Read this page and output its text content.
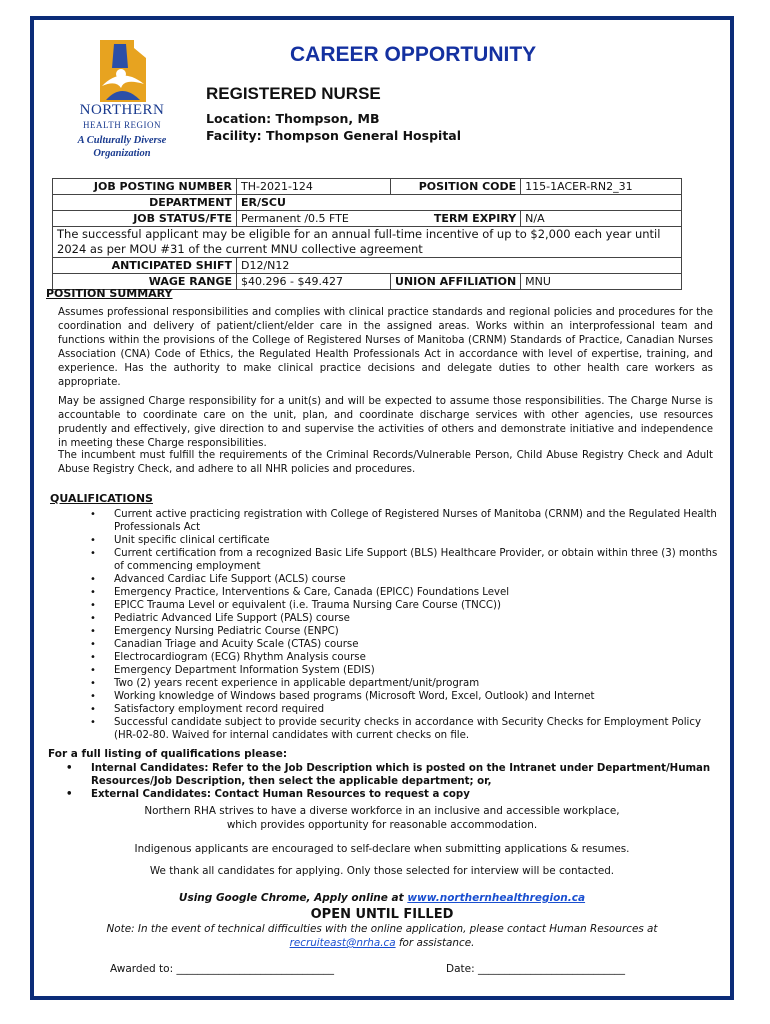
NORTHERN
HEALTH REGION
A Culturally Diverse
Organization
CAREER OPPORTUNITY
REGISTERED NURSE
Location: Thompson, MB
Facility: Thompson General Hospital
JOB POSTING NUMBER	TH-2021-124	POSITION CODE	115-1ACER-RN2_31
DEPARTMENT	ER/SCU		
JOB STATUS/FTE	Permanent /0.5 FTE TERM EXPIRY		N/A
The successful applicant may be eligible for an annual full-time incentive of up to $2,000 each year until 2024 as per MOU #31 of the current MNU collective agreement			
ANTICIPATED SHIFT	D12/N12		
WAGE RANGE	$40.296 - $49.427	UNION AFFILIATION	MNU
POSITION SUMMARY
Assumes professional responsibilities and complies with clinical practice standards and regional policies and procedures for the coordination and delivery of patient/client/elder care in the assigned areas. Works within an interprofessional team and functions within the provisions of the College of Registered Nurses of Manitoba (CRNM) Standards of Practice, Canadian Nurses Association (CNA) Code of Ethics, the Regulated Health Professionals Act in accordance with level of expertise, training, and experience. Has the authority to make clinical practice decisions and delegate duties to other health care workers as appropriate.
May be assigned Charge responsibility for a unit(s) and will be expected to assume those responsibilities. The Charge Nurse is accountable to coordinate care on the unit, plan, and coordinate discharge services with other agencies, use resources prudently and effectively, give direction to and supervise the activities of others and demonstrate initiative and independence in meeting these Charge responsibilities.
The incumbent must fulfill the requirements of the Criminal Records/Vulnerable Person, Child Abuse Registry Check and Adult Abuse Registry Check, and adhere to all NHR policies and procedures.
QUALIFICATIONS
• Current active practicing registration with College of Registered Nurses of Manitoba (CRNM) and the Regulated Health Professionals Act
• Unit specific clinical certificate
• Current certification from a recognized Basic Life Support (BLS) Healthcare Provider, or obtain within three (3) months of commencing employment
• Advanced Cardiac Life Support (ACLS) course
• Emergency Practice, Interventions & Care, Canada (EPICC) Foundations Level
• EPICC Trauma Level or equivalent (i.e. Trauma Nursing Care Course (TNCC))
• Pediatric Advanced Life Support (PALS) course
• Emergency Nursing Pediatric Course (ENPC)
• Canadian Triage and Acuity Scale (CTAS) course
• Electrocardiogram (ECG) Rhythm Analysis course
• Emergency Department Information System (EDIS)
• Two (2) years recent experience in applicable department/unit/program
• Working knowledge of Windows based programs (Microsoft Word, Excel, Outlook) and Internet
• Satisfactory employment record required
• Successful candidate subject to provide security checks in accordance with Security Checks for Employment Policy (HR-02-80. Waived for internal candidates with current checks on file.
For a full listing of qualifications please:
• Internal Candidates: Refer to the Job Description which is posted on the Intranet under Department/Human Resources/Job Description, then select the applicable department; or,
• External Candidates: Contact Human Resources to request a copy
Northern RHA strives to have a diverse workforce in an inclusive and accessible workplace,
which provides opportunity for reasonable accommodation.
Indigenous applicants are encouraged to self-declare when submitting applications & resumes.
We thank all candidates for applying. Only those selected for interview will be contacted.
Using Google Chrome, Apply online at www.northernhealthregion.ca
OPEN UNTIL FILLED
Note: In the event of technical difficulties with the online application, please contact Human Resources at
recruiteast@nrha.ca for assistance.
Awarded to: ______________________________	Date: ____________________________
